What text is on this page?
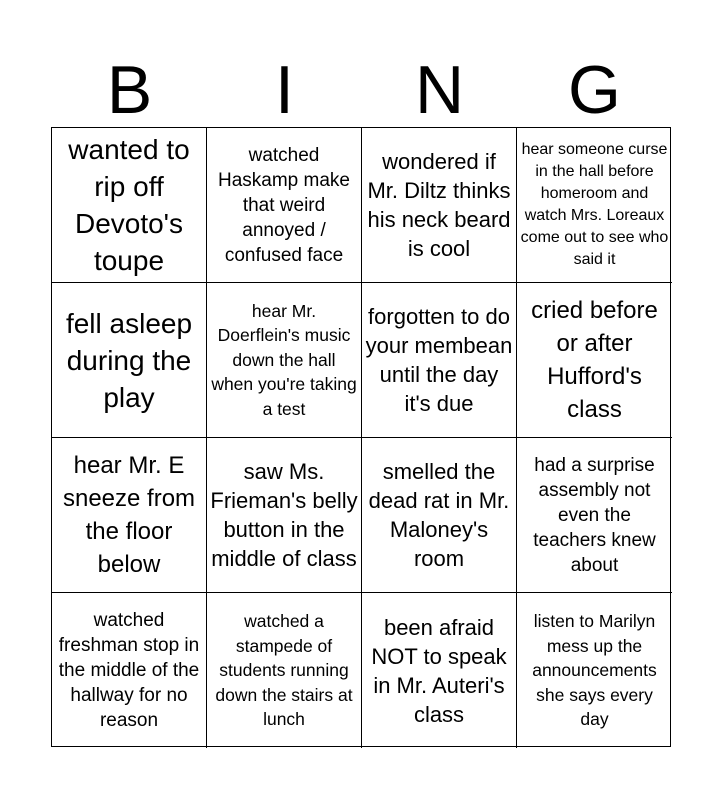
B	I	N	G
wanted to rip off Devoto's toupe
watched Haskamp make that weird annoyed / confused face
wondered if Mr. Diltz thinks his neck beard is cool
hear someone curse in the hall before homeroom and watch Mrs. Loreaux come out to see who said it
fell asleep during the play
hear Mr. Doerflein's music down the hall when you're taking a test
forgotten to do your membean until the day it's due
cried before or after Hufford's class
hear Mr. E sneeze from the floor below
saw Ms. Frieman's belly button in the middle of class
smelled the dead rat in Mr. Maloney's room
had a surprise assembly not even the teachers knew about
watched freshman stop in the middle of the hallway for no reason
watched a stampede of students running down the stairs at lunch
been afraid NOT to speak in Mr. Auteri's class
listen to Marilyn mess up the announcements she says every day
